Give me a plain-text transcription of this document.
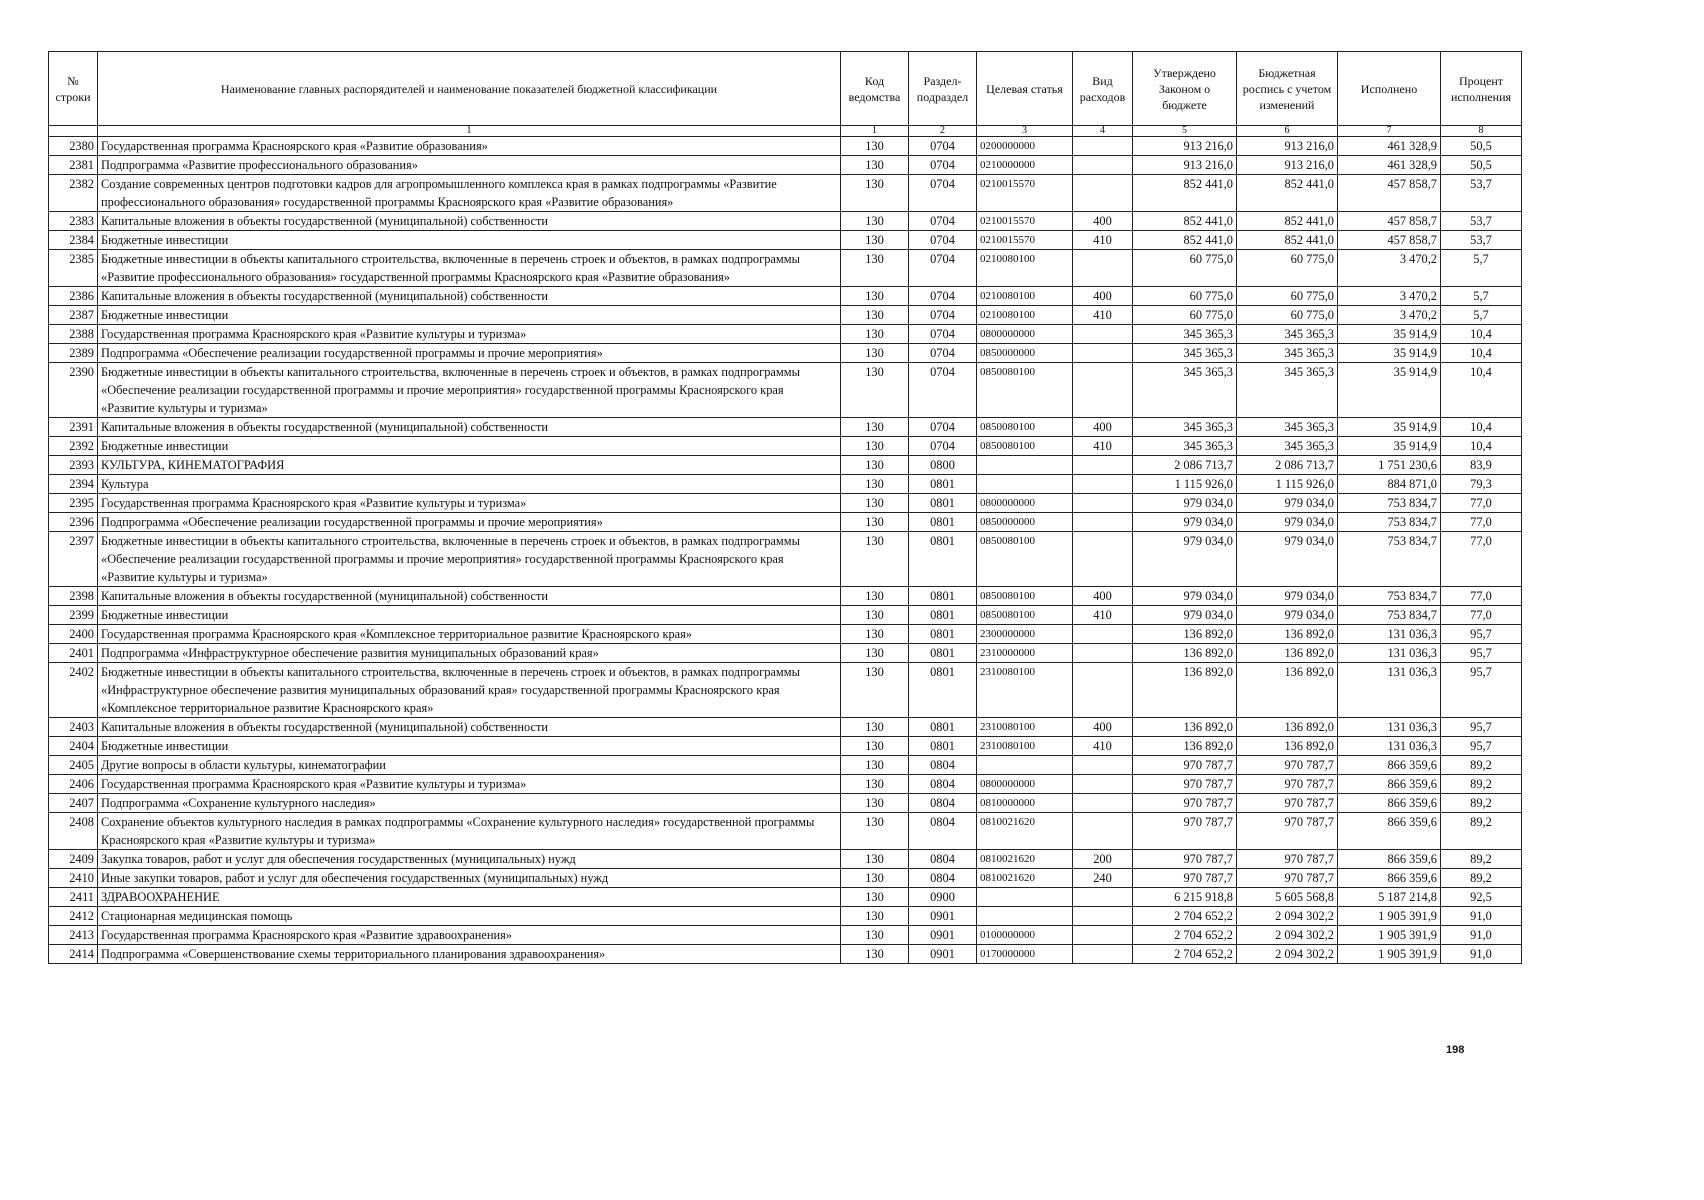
№ строки	Наименование главных распорядителей и наименование показателей бюджетной классификации	Код ведомства	Раздел-подраздел	Целевая статья	Вид расходов	Утверждено Законом о бюджете	Бюджетная роспись с учетом изменений	Исполнено	Процент исполнения
	1	1	2	3	4	5	6	7	8
2380	Государственная программа Красноярского края «Развитие образования»	130	0704	0200000000		913 216,0	913 216,0	461 328,9	50,5
2381	Подпрограмма «Развитие профессионального образования»	130	0704	0210000000		913 216,0	913 216,0	461 328,9	50,5
2382	Создание современных центров подготовки кадров для агропромышленного комплекса края в рамках подпрограммы «Развитие профессионального образования» государственной программы Красноярского края «Развитие образования»	130	0704	0210015570		852 441,0	852 441,0	457 858,7	53,7
2383	Капитальные вложения в объекты государственной (муниципальной) собственности	130	0704	0210015570	400	852 441,0	852 441,0	457 858,7	53,7
2384	Бюджетные инвестиции	130	0704	0210015570	410	852 441,0	852 441,0	457 858,7	53,7
2385	Бюджетные инвестиции в объекты капитального строительства, включенные в перечень строек и объектов, в рамках подпрограммы «Развитие профессионального образования» государственной программы Красноярского края «Развитие образования»	130	0704	0210080100		60 775,0	60 775,0	3 470,2	5,7
2386	Капитальные вложения в объекты государственной (муниципальной) собственности	130	0704	0210080100	400	60 775,0	60 775,0	3 470,2	5,7
2387	Бюджетные инвестиции	130	0704	0210080100	410	60 775,0	60 775,0	3 470,2	5,7
2388	Государственная программа Красноярского края «Развитие культуры и туризма»	130	0704	0800000000		345 365,3	345 365,3	35 914,9	10,4
2389	Подпрограмма «Обеспечение реализации государственной программы и прочие мероприятия»	130	0704	0850000000		345 365,3	345 365,3	35 914,9	10,4
2390	Бюджетные инвестиции в объекты капитального строительства, включенные в перечень строек и объектов, в рамках подпрограммы «Обеспечение реализации государственной программы и прочие мероприятия» государственной программы Красноярского края «Развитие культуры и туризма»	130	0704	0850080100		345 365,3	345 365,3	35 914,9	10,4
2391	Капитальные вложения в объекты государственной (муниципальной) собственности	130	0704	0850080100	400	345 365,3	345 365,3	35 914,9	10,4
2392	Бюджетные инвестиции	130	0704	0850080100	410	345 365,3	345 365,3	35 914,9	10,4
2393	КУЛЬТУРА, КИНЕМАТОГРАФИЯ	130	0800			2 086 713,7	2 086 713,7	1 751 230,6	83,9
2394	Культура	130	0801			1 115 926,0	1 115 926,0	884 871,0	79,3
2395	Государственная программа Красноярского края «Развитие культуры и туризма»	130	0801	0800000000		979 034,0	979 034,0	753 834,7	77,0
2396	Подпрограмма «Обеспечение реализации государственной программы и прочие мероприятия»	130	0801	0850000000		979 034,0	979 034,0	753 834,7	77,0
2397	Бюджетные инвестиции в объекты капитального строительства, включенные в перечень строек и объектов, в рамках подпрограммы «Обеспечение реализации государственной программы и прочие мероприятия» государственной программы Красноярского края «Развитие культуры и туризма»	130	0801	0850080100		979 034,0	979 034,0	753 834,7	77,0
2398	Капитальные вложения в объекты государственной (муниципальной) собственности	130	0801	0850080100	400	979 034,0	979 034,0	753 834,7	77,0
2399	Бюджетные инвестиции	130	0801	0850080100	410	979 034,0	979 034,0	753 834,7	77,0
2400	Государственная программа Красноярского края «Комплексное территориальное развитие Красноярского края»	130	0801	2300000000		136 892,0	136 892,0	131 036,3	95,7
2401	Подпрограмма «Инфраструктурное обеспечение развития муниципальных образований края»	130	0801	2310000000		136 892,0	136 892,0	131 036,3	95,7
2402	Бюджетные инвестиции в объекты капитального строительства, включенные в перечень строек и объектов, в рамках подпрограммы «Инфраструктурное обеспечение развития муниципальных образований края» государственной программы Красноярского края «Комплексное территориальное развитие Красноярского края»	130	0801	2310080100		136 892,0	136 892,0	131 036,3	95,7
2403	Капитальные вложения в объекты государственной (муниципальной) собственности	130	0801	2310080100	400	136 892,0	136 892,0	131 036,3	95,7
2404	Бюджетные инвестиции	130	0801	2310080100	410	136 892,0	136 892,0	131 036,3	95,7
2405	Другие вопросы в области культуры, кинематографии	130	0804			970 787,7	970 787,7	866 359,6	89,2
2406	Государственная программа Красноярского края «Развитие культуры и туризма»	130	0804	0800000000		970 787,7	970 787,7	866 359,6	89,2
2407	Подпрограмма «Сохранение культурного наследия»	130	0804	0810000000		970 787,7	970 787,7	866 359,6	89,2
2408	Сохранение объектов культурного наследия в рамках подпрограммы «Сохранение культурного наследия» государственной программы Красноярского края «Развитие культуры и туризма»	130	0804	0810021620		970 787,7	970 787,7	866 359,6	89,2
2409	Закупка товаров, работ и услуг для обеспечения государственных (муниципальных) нужд	130	0804	0810021620	200	970 787,7	970 787,7	866 359,6	89,2
2410	Иные закупки товаров, работ и услуг для обеспечения государственных (муниципальных) нужд	130	0804	0810021620	240	970 787,7	970 787,7	866 359,6	89,2
2411	ЗДРАВООХРАНЕНИЕ	130	0900			6 215 918,8	5 605 568,8	5 187 214,8	92,5
2412	Стационарная медицинская помощь	130	0901			2 704 652,2	2 094 302,2	1 905 391,9	91,0
2413	Государственная программа Красноярского края «Развитие здравоохранения»	130	0901	0100000000		2 704 652,2	2 094 302,2	1 905 391,9	91,0
2414	Подпрограмма «Совершенствование схемы территориального планирования здравоохранения»	130	0901	0170000000		2 704 652,2	2 094 302,2	1 905 391,9	91,0
198
